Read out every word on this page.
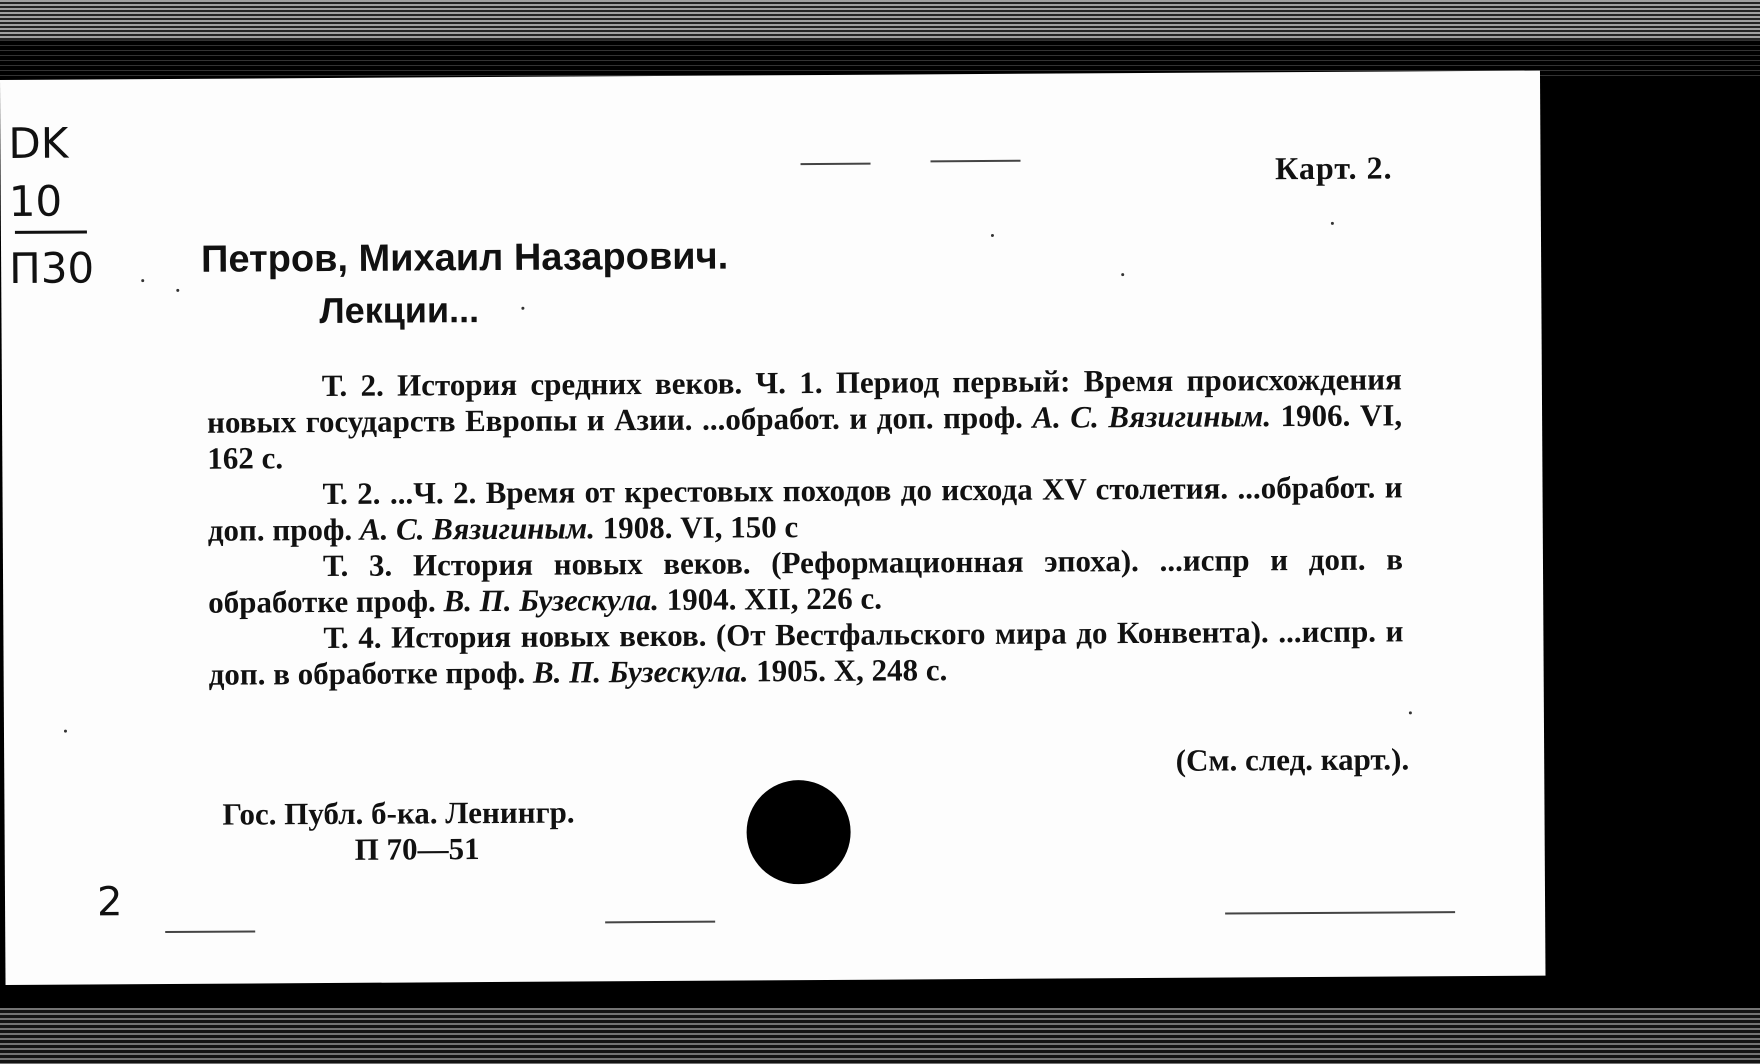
DK
10
П30
Карт. 2.
Петров, Михаил Назарович.
Лекции...

Т. 2. История средних веков. Ч. 1. Период первый: Время происхождения новых государств Европы и Азии. ...обработ. и доп. проф. А. С. Вязигиным. 1906. VI, 162 с.

Т. 2. ...Ч. 2. Время от крестовых походов до исхода XV столетия. ...обработ. и доп. проф. А. С. Вязигиным. 1908. VI, 150 с

Т. 3. История новых веков. (Реформационная эпоха). ...испр и доп. в обработке проф. В. П. Бузескула. 1904. XII, 226 с.

Т. 4. История новых веков. (От Вестфальского мира до Конвента). ...испр. и доп. в обработке проф. В. П. Бузескула. 1905. X, 248 с.

(См. след. карт.).
Гос. Публ. б-ка. Ленингр.
П 70—51
2
